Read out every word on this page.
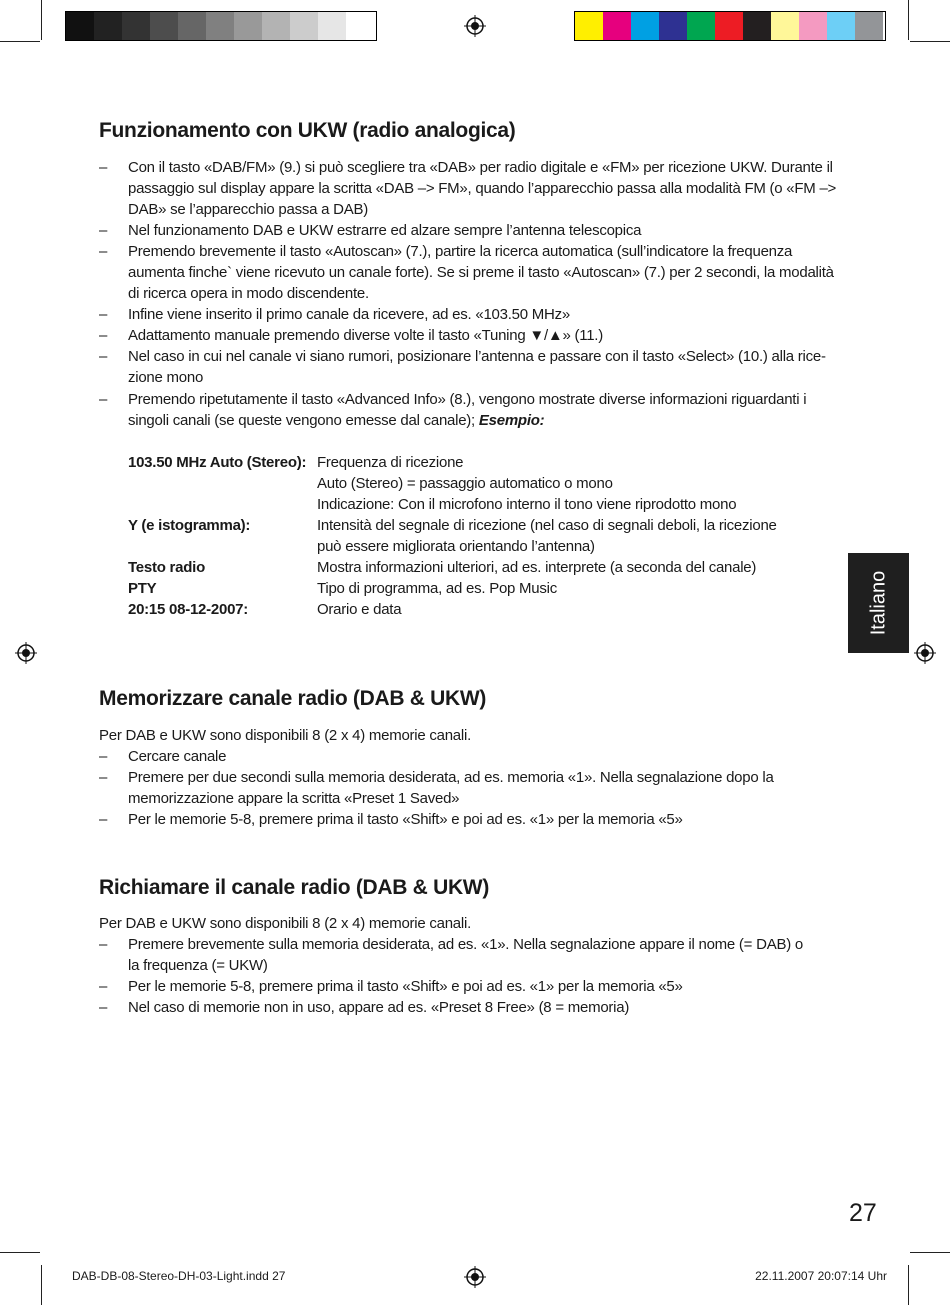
Funzionamento con UKW (radio analogica)
– Con il tasto «DAB/FM» (9.) si può scegliere tra «DAB» per radio digitale e «FM» per ricezione UKW. Durante il
passaggio sul display appare la scritta «DAB –> FM», quando l’apparecchio passa alla modalità FM (o «FM –>
DAB» se l’apparecchio passa a DAB)
– Nel funzionamento DAB e UKW estrarre ed alzare sempre l’antenna telescopica
– Premendo brevemente il tasto «Autoscan» (7.), partire la ricerca automatica (sull’indicatore la frequenza
aumenta finche` viene ricevuto un canale forte). Se si preme il tasto «Autoscan» (7.) per 2 secondi, la modalità
di ricerca opera in modo discendente.
– Infine viene inserito il primo canale da ricevere, ad es. «103.50 MHz»
– Adattamento manuale premendo diverse volte il tasto «Tuning ▼/▲» (11.)
– Nel caso in cui nel canale vi siano rumori, posizionare l’antenna e passare con il tasto «Select» (10.) alla rice-
zione mono
– Premendo ripetutamente il tasto «Advanced Info» (8.), vengono mostrate diverse informazioni riguardanti i
singoli canali (se queste vengono emesse dal canale); Esempio:
103.50 MHz Auto (Stereo): Frequenza di ricezione
Auto (Stereo) = passaggio automatico o mono
Indicazione: Con il microfono interno il tono viene riprodotto mono
Y (e istogramma):	Intensità del segnale di ricezione (nel caso di segnali deboli, la ricezione
può essere migliorata orientando l’antenna)
Testo radio	Mostra informazioni ulteriori, ad es. interprete (a seconda del canale)
PTY	Tipo di programma, ad es. Pop Music
20:15 08-12-2007:	Orario e data	Italiano
Memorizzare canale radio (DAB & UKW)
Per DAB e UKW sono disponibili 8 (2 x 4) memorie canali.
– Cercare canale
– Premere per due secondi sulla memoria desiderata, ad es. memoria «1». Nella segnalazione dopo la
memorizzazione appare la scritta «Preset 1 Saved»
– Per le memorie 5-8, premere prima il tasto «Shift» e poi ad es. «1» per la memoria «5»
Richiamare il canale radio (DAB & UKW)
Per DAB e UKW sono disponibili 8 (2 x 4) memorie canali.
– Premere brevemente sulla memoria desiderata, ad es. «1». Nella segnalazione appare il nome (= DAB) o
la frequenza (= UKW)
– Per le memorie 5-8, premere prima il tasto «Shift» e poi ad es. «1» per la memoria «5»
– Nel caso di memorie non in uso, appare ad es. «Preset 8 Free» (8 = memoria)
27
DAB-DB-08-Stereo-DH-03-Light.indd 27	22.11.2007 20:07:14 Uhr
